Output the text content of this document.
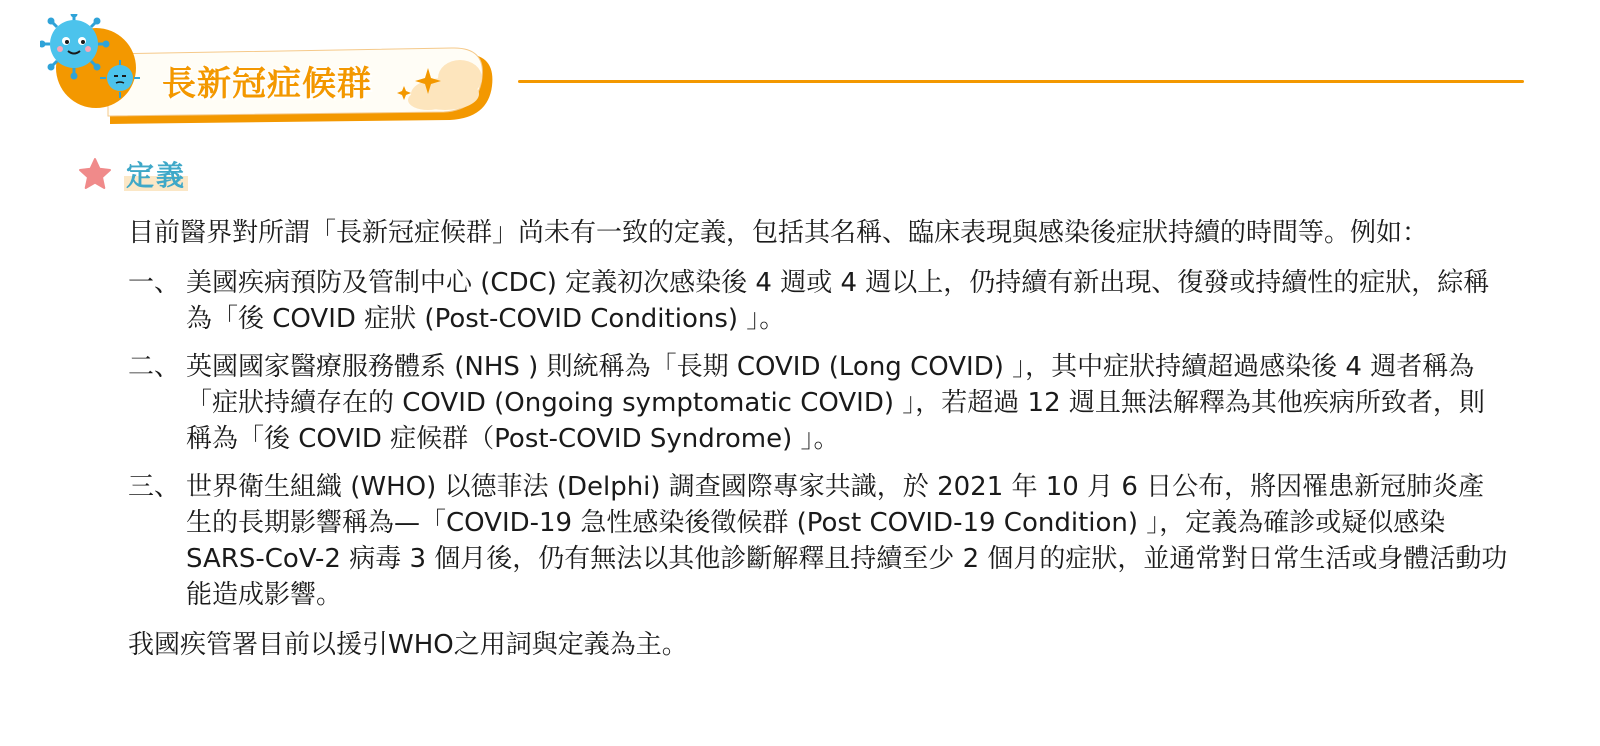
長新冠症候群
定義

目前醫界對所謂「長新冠症候群」尚未有一致的定義，包括其名稱、臨床表現與感染後症狀持續的時間等。例如：

一、 美國疾病預防及管制中心 (CDC) 定義初次感染後 4 週或 4 週以上，仍持續有新出現、復發或持續性的症狀，綜稱為「後 COVID 症狀 (Post-COVID Conditions) 」。
二、 英國國家醫療服務體系 (NHS ) 則統稱為「長期 COVID (Long COVID) 」，其中症狀持續超過感染後 4 週者稱為「症狀持續存在的 COVID (Ongoing symptomatic COVID) 」，若超過 12 週且無法解釋為其他疾病所致者，則稱為「後 COVID 症候群（Post-COVID Syndrome) 」。
三、 世界衛生組織 (WHO) 以德菲法 (Delphi) 調查國際專家共識，於 2021 年 10 月 6 日公布，將因罹患新冠肺炎產生的長期影響稱為—「COVID-19 急性感染後徵候群 (Post COVID-19 Condition) 」，定義為確診或疑似感染 SARS-CoV-2 病毒 3 個月後，仍有無法以其他診斷解釋且持續至少 2 個月的症狀，並通常對日常生活或身體活動功能造成影響。

我國疾管署目前以援引WHO之用詞與定義為主。
